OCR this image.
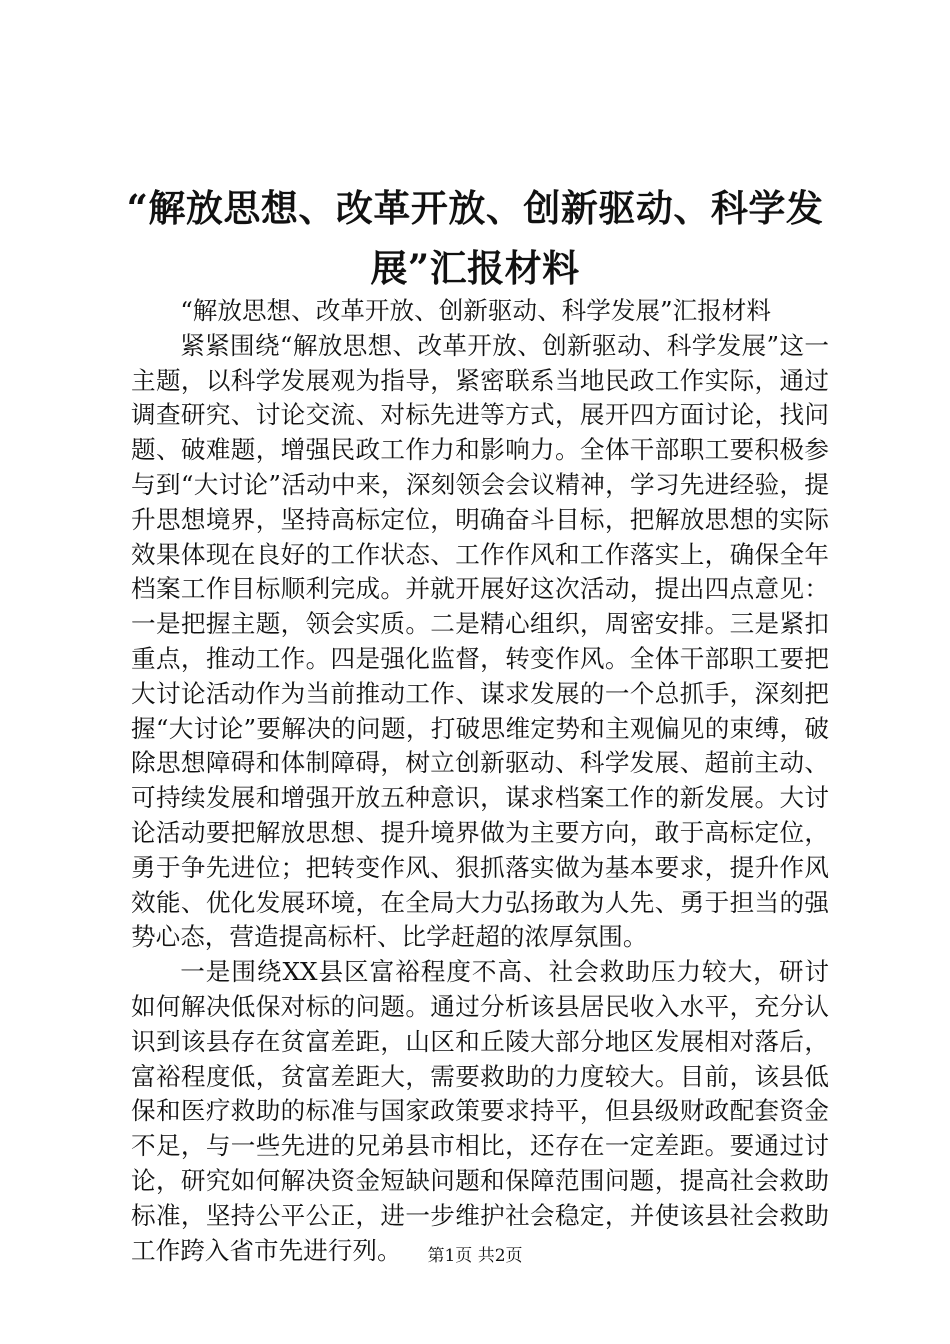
“解放思想、改革开放、创新驱动、科学发
展”汇报材料

“解放思想、改革开放、创新驱动、科学发展”汇报材料

紧紧围绕“解放思想、改革开放、创新驱动、科学发展”这一主题，以科学发展观为指导，紧密联系当地民政工作实际，通过调查研究、讨论交流、对标先进等方式，展开四方面讨论，找问题、破难题，增强民政工作力和影响力。全体干部职工要积极参与到“大讨论”活动中来，深刻领会会议精神，学习先进经验，提升思想境界，坚持高标定位，明确奋斗目标，把解放思想的实际效果体现在良好的工作状态、工作作风和工作落实上，确保全年档案工作目标顺利完成。并就开展好这次活动，提出四点意见：一是把握主题，领会实质。二是精心组织，周密安排。三是紧扣重点，推动工作。四是强化监督，转变作风。全体干部职工要把大讨论活动作为当前推动工作、谋求发展的一个总抓手，深刻把握“大讨论”要解决的问题，打破思维定势和主观偏见的束缚，破除思想障碍和体制障碍，树立创新驱动、科学发展、超前主动、可持续发展和增强开放五种意识，谋求档案工作的新发展。大讨论活动要把解放思想、提升境界做为主要方向，敢于高标定位，勇于争先进位；把转变作风、狠抓落实做为基本要求，提升作风效能、优化发展环境，在全局大力弘扬敢为人先、勇于担当的强势心态，营造提高标杆、比学赶超的浓厚氛围。

一是围绕XX县区富裕程度不高、社会救助压力较大，研讨如何解决低保对标的问题。通过分析该县居民收入水平，充分认识到该县存在贫富差距，山区和丘陵大部分地区发展相对落后，富裕程度低，贫富差距大，需要救助的力度较大。目前，该县低保和医疗救助的标准与国家政策要求持平，但县级财政配套资金不足，与一些先进的兄弟县市相比，还存在一定差距。要通过讨论，研究如何解决资金短缺问题和保障范围问题，提高社会救助标准，坚持公平公正，进一步维护社会稳定，并使该县社会救助工作跨入省市先进行列。	第1页 共2页
